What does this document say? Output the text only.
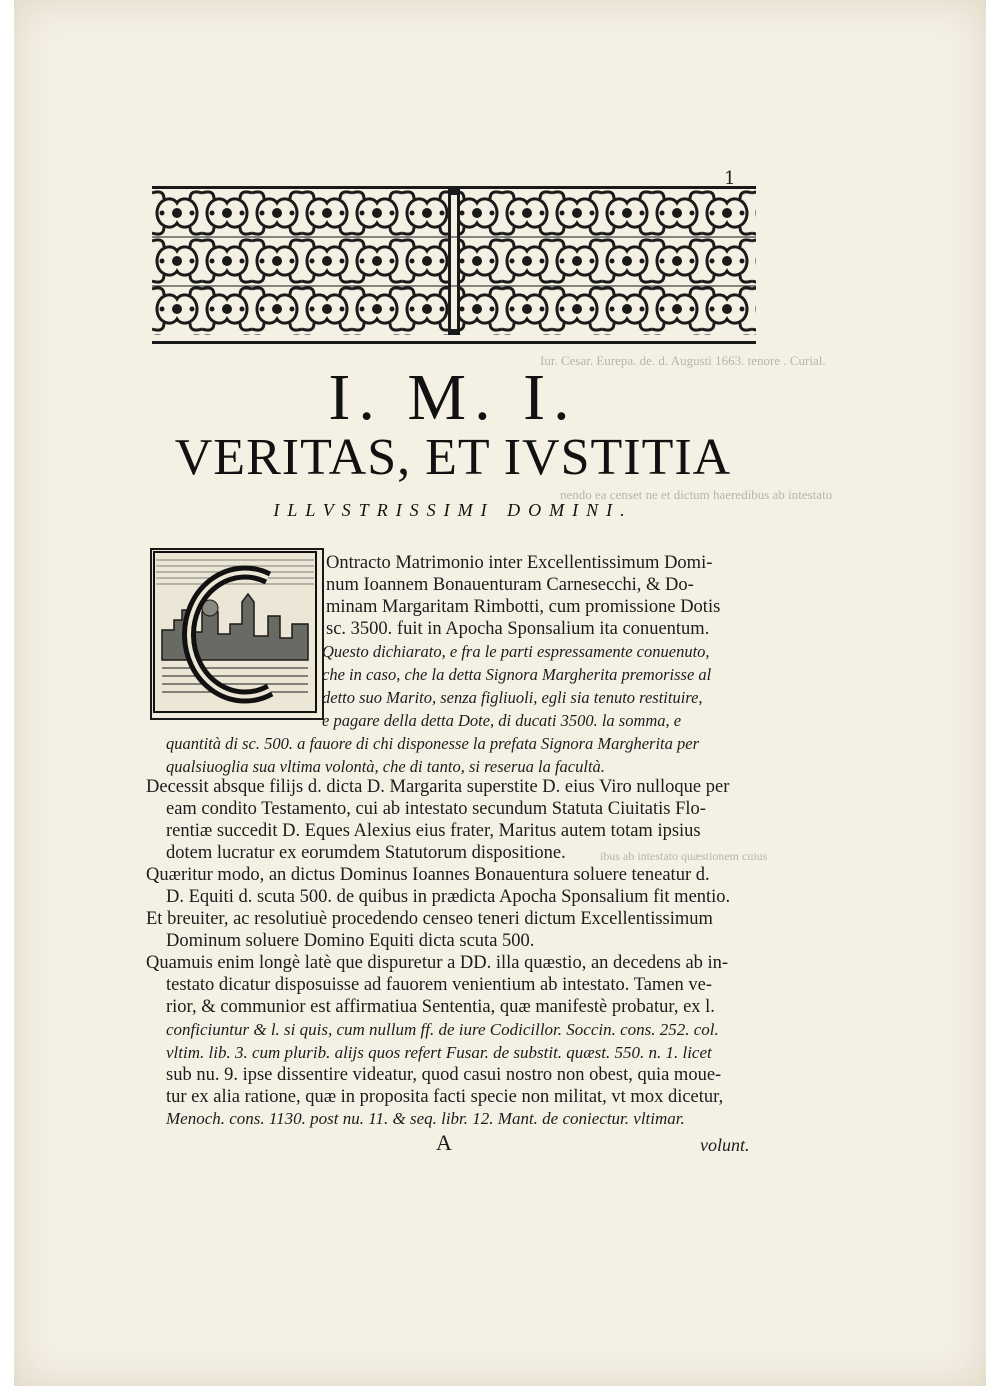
1
I. M. I.
VERITAS, ET IVSTITIA
ILLVSTRISSIMI DOMINI.
Ontracto Matrimonio inter Excellentissimum Domi-
num Ioannem Bonauenturam Carnesecchi, & Do-
minam Margaritam Rimbotti, cum promissione Dotis
sc. 3500. fuit in Apocha Sponsalium ita conuentum.
Questo dichiarato, e fra le parti espressamente conuenuto,
che in caso, che la detta Signora Margherita premorisse al
detto suo Marito, senza figliuoli, egli sia tenuto restituire,
e pagare della detta Dote, di ducati 3500. la somma, e
quantità di sc. 500. a fauore di chi disponesse la prefata Signora Margherita per
qualsiuoglia sua vltima volontà, che di tanto, si reserua la facultà.
Decessit absque filijs d. dicta D. Margarita superstite D. eius Viro nulloque per
eam condito Testamento, cui ab intestato secundum Statuta Ciuitatis Flo-
rentiæ succedit D. Eques Alexius eius frater, Maritus autem totam ipsius
dotem lucratur ex eorumdem Statutorum dispositione.
Quæritur modo, an dictus Dominus Ioannes Bonauentura soluere teneatur d.
D. Equiti d. scuta 500. de quibus in prædicta Apocha Sponsalium fit mentio.
Et breuiter, ac resolutiuè procedendo censeo teneri dictum Excellentissimum
Dominum soluere Domino Equiti dicta scuta 500.
Quamuis enim longè latè que dispuretur a DD. illa quæstio, an decedens ab in-
testato dicatur disposuisse ad fauorem venientium ab intestato. Tamen ve-
rior, & communior est affirmatiua Sententia, quæ manifestè probatur, ex l.
conficiuntur & l. si quis, cum nullum ff. de iure Codicillor. Soccin. cons. 252. col.
vltim. lib. 3. cum plurib. alijs quos refert Fusar. de substit. quæst. 550. n. 1. licet
sub nu. 9. ipse dissentire videatur, quod casui nostro non obest, quia moue-
tur ex alia ratione, quæ in proposita facti specie non militat, vt mox dicetur,
Menoch. cons. 1130. post nu. 11. & seq. libr. 12. Mant. de coniectur. vltimar.
A	volunt.
Iur. Cesar. Eurepa. de. d. Augusti 1663. tenore . Curial.
nendo ea censet ne et dictum haeredibus ab intestato
ibus ab intestato quæstionem cuius
